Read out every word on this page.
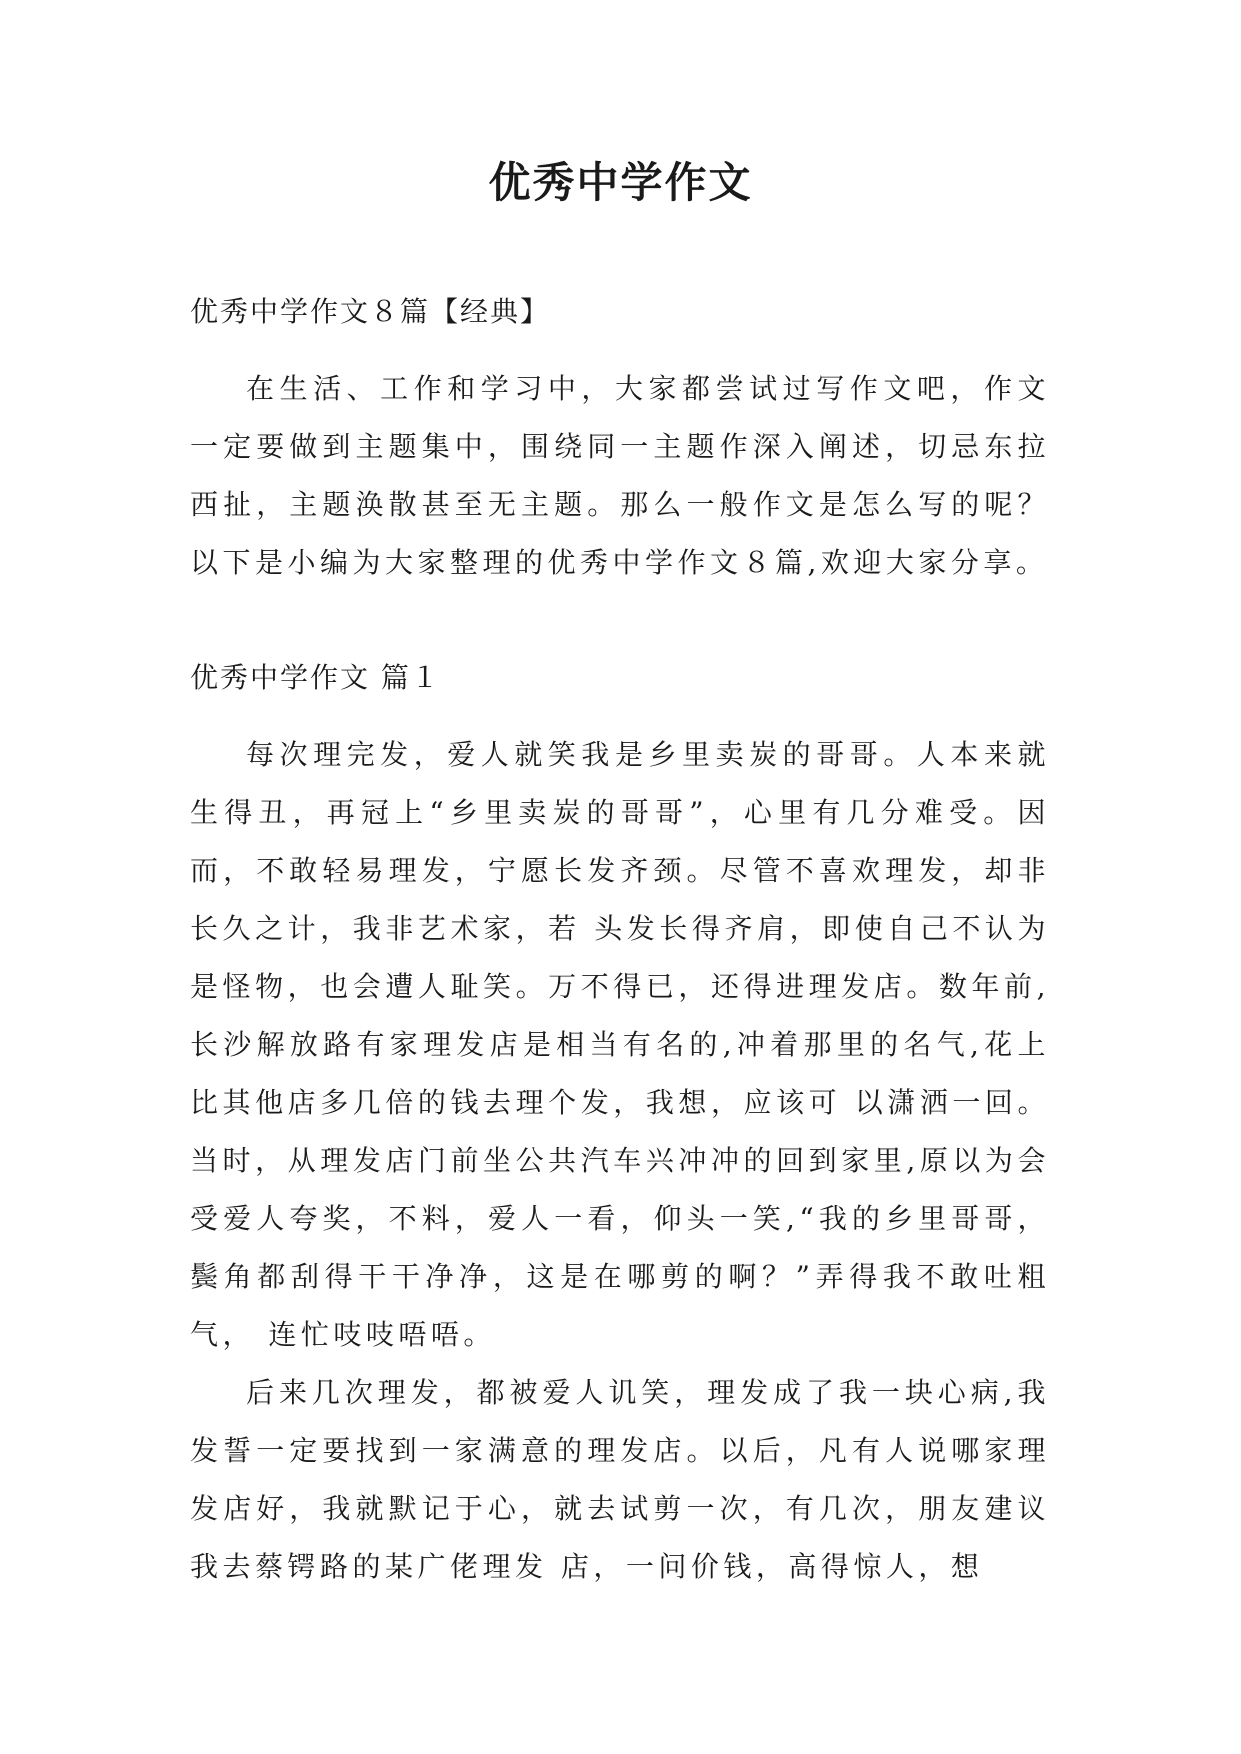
优秀中学作文
优秀中学作文８篇【经典】

在生活、工作和学习中，大家都尝试过写作文吧，作文一定要做到主题集中，围绕同一主题作深入阐述，切忌东拉西扯，主题涣散甚至无主题。那么一般作文是怎么写的呢？以下是小编为大家整理的优秀中学作文８篇,欢迎大家分享。

优秀中学作文 篇１

每次理完发，爱人就笑我是乡里卖炭的哥哥。人本来就生得丑，再冠上“乡里卖炭的哥哥”，心里有几分难受。因而，不敢轻易理发，宁愿长发齐颈。尽管不喜欢理发，却非长久之计，我非艺术家，若 头发长得齐肩，即使自己不认为是怪物，也会遭人耻笑。万不得已，还得进理发店。数年前,长沙解放路有家理发店是相当有名的,冲着那里的名气,花上比其他店多几倍的钱去理个发，我想，应该可 以潇洒一回。当时，从理发店门前坐公共汽车兴冲冲的回到家里,原以为会受爱人夸奖，不料，爱人一看，仰头一笑,“我的乡里哥哥，鬓角都刮得干干净净，这是在哪剪的啊？”弄得我不敢吐粗气， 连忙吱吱唔唔。

后来几次理发，都被爱人讥笑，理发成了我一块心病,我发誓一定要找到一家满意的理发店。以后，凡有人说哪家理发店好，我就默记于心，就去试剪一次，有几次，朋友建议我去蔡锷路的某广佬理发 店，一问价钱，高得惊人，想
